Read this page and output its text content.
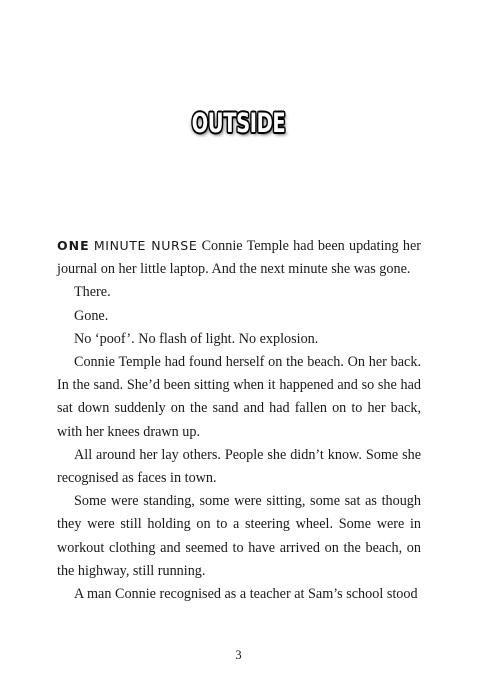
OUTSIDE

ONE MINUTE NURSE Connie Temple had been updating her journal on her little laptop. And the next minute she was gone.

There.

Gone.

No ‘poof’. No flash of light. No explosion.

Connie Temple had found herself on the beach. On her back. In the sand. She’d been sitting when it happened and so she had sat down suddenly on the sand and had fallen on to her back, with her knees drawn up.

All around her lay others. People she didn’t know. Some she recognised as faces in town.

Some were standing, some were sitting, some sat as though they were still holding on to a steering wheel. Some were in workout clothing and seemed to have arrived on the beach, on the highway, still running.

A man Connie recognised as a teacher at Sam’s school stood

3
